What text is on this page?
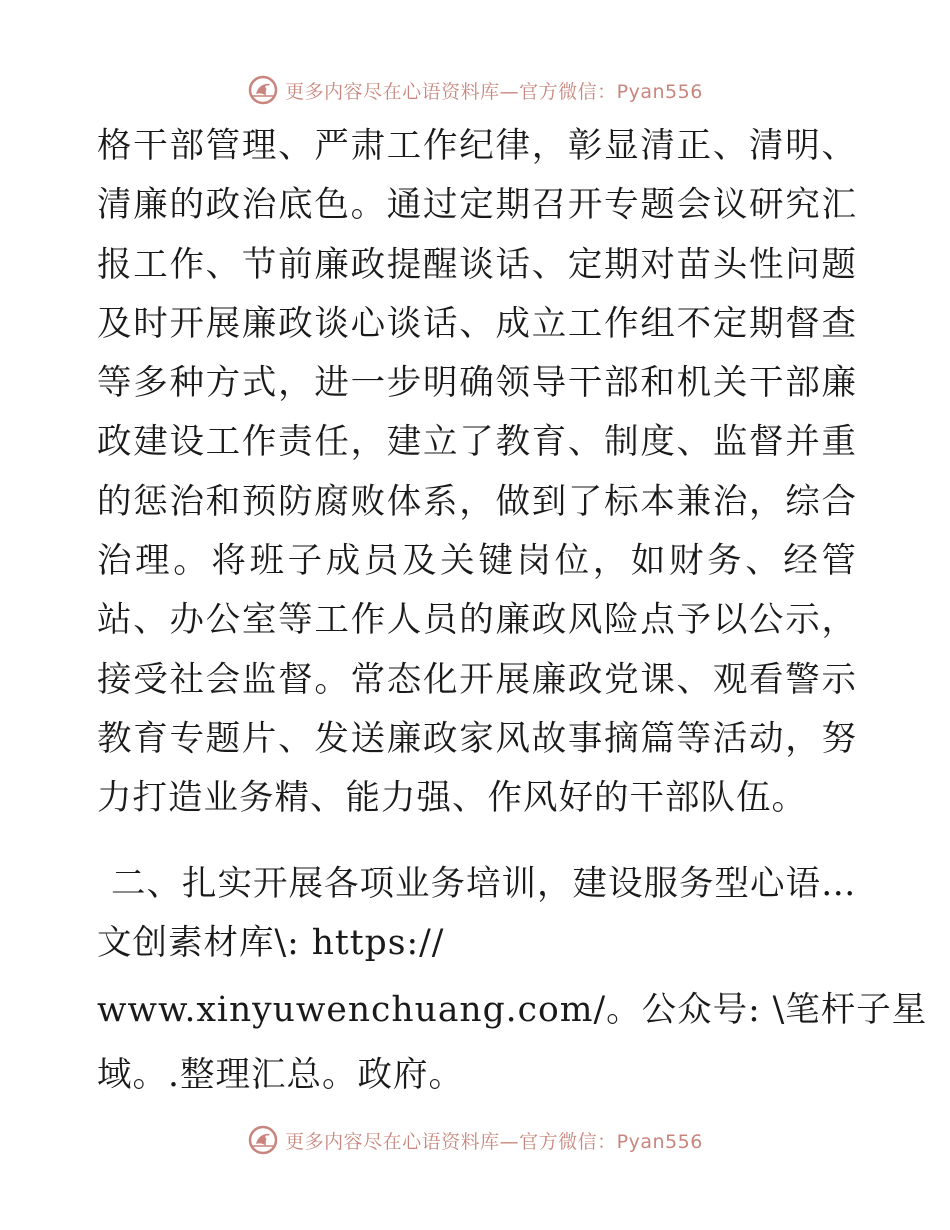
更多内容尽在心语资料库—官方微信：Pyan556

格干部管理、严肃工作纪律，彰显清正、清明、清廉的政治底色。通过定期召开专题会议研究汇报工作、节前廉政提醒谈话、定期对苗头性问题及时开展廉政谈心谈话、成立工作组不定期督查等多种方式，进一步明确领导干部和机关干部廉政建设工作责任，建立了教育、制度、监督并重的惩治和预防腐败体系，做到了标本兼治，综合治理。将班子成员及关键岗位，如财务、经管站、办公室等工作人员的廉政风险点予以公示，接受社会监督。常态化开展廉政党课、观看警示教育专题片、发送廉政家风故事摘篇等活动，努力打造业务精、能力强、作风好的干部队伍。

二、扎实开展各项业务培训，建设服务型心语…

文创素材库\: https://

www.xinyuwenchuang.com/。公众号: \笔杆子星

域。.整理汇总。政府。

更多内容尽在心语资料库—官方微信：Pyan556
